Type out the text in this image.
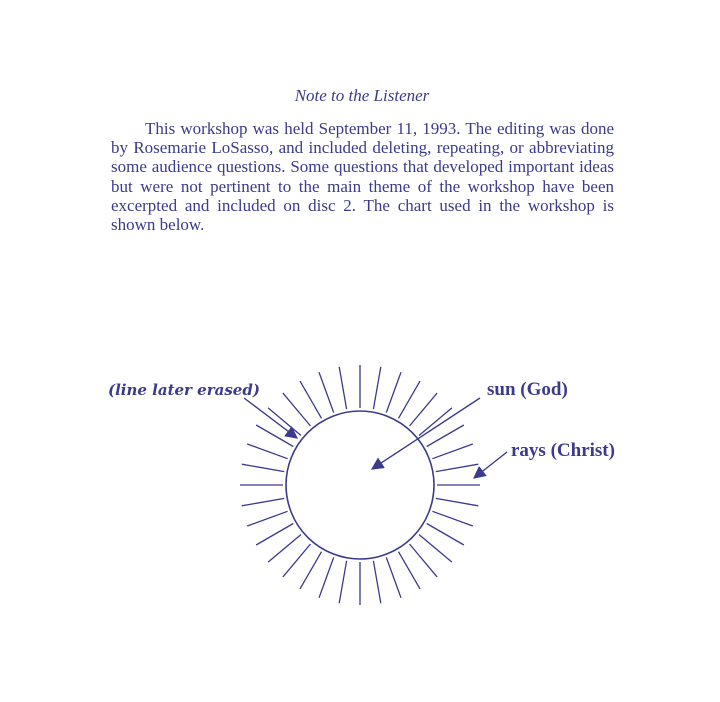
Note to the Listener
This workshop was held September 11, 1993. The editing was done by Rosemarie LoSasso, and included deleting, repeating, or abbreviating some audience questions. Some questions that developed important ideas but were not pertinent to the main theme of the workshop have been excerpted and included on disc 2. The chart used in the workshop is shown below.
(line later erased)	sun (God)
rays (Christ)
